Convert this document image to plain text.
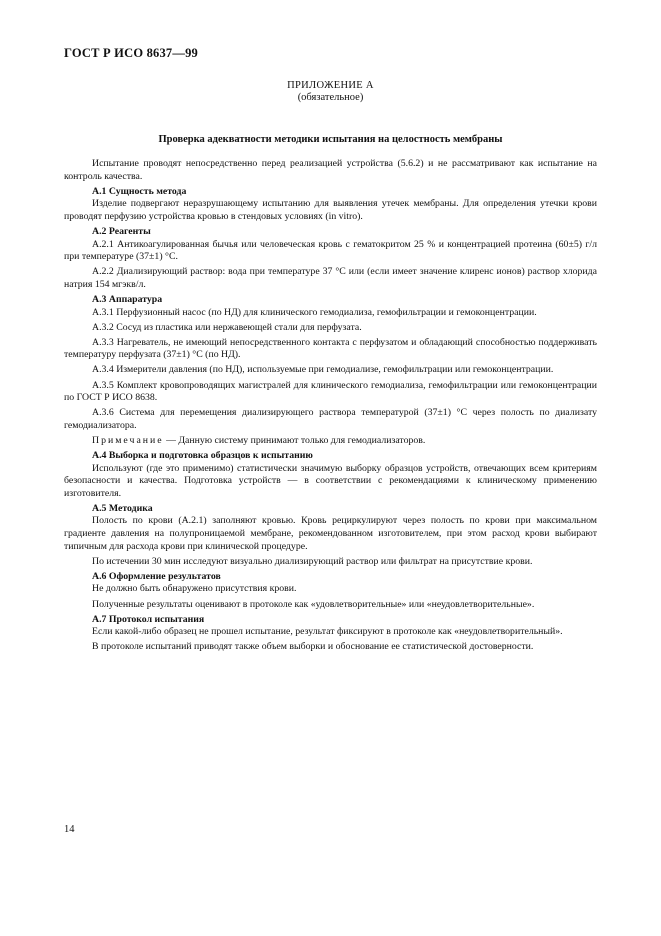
ГОСТ Р ИСО 8637—99
ПРИЛОЖЕНИЕ А
(обязательное)
Проверка адекватности методики испытания на целостность мембраны

Испытание проводят непосредственно перед реализацией устройства (5.6.2) и не рассматривают как испытание на контроль качества.

А.1 Сущность метода

Изделие подвергают неразрушающему испытанию для выявления утечек мембраны. Для определения утечки крови проводят перфузию устройства кровью в стендовых условиях (in vitro).

А.2 Реагенты

А.2.1 Антикоагулированная бычья или человеческая кровь с гематокритом 25 % и концентрацией протеина (60±5) г/л при температуре (37±1) °С.

А.2.2 Диализирующий раствор: вода при температуре 37 °С или (если имеет значение клиренс ионов) раствор хлорида натрия 154 мгэкв/л.

А.3 Аппаратура

А.3.1 Перфузионный насос (по НД) для клинического гемодиализа, гемофильтрации и гемоконцентрации.

А.3.2 Сосуд из пластика или нержавеющей стали для перфузата.

А.3.3 Нагреватель, не имеющий непосредственного контакта с перфузатом и обладающий способностью поддерживать температуру перфузата (37±1) °С (по НД).

А.3.4 Измерители давления (по НД), используемые при гемодиализе, гемофильтрации или гемоконцентрации.

А.3.5 Комплект кровопроводящих магистралей для клинического гемодиализа, гемофильтрации или гемоконцентрации по ГОСТ Р ИСО 8638.

А.3.6 Система для перемещения диализирующего раствора температурой (37±1) °С через полость по диализату гемодиализатора.

Примечание — Данную систему принимают только для гемодиализаторов.

А.4 Выборка и подготовка образцов к испытанию

Используют (где это применимо) статистически значимую выборку образцов устройств, отвечающих всем критериям безопасности и качества. Подготовка устройств — в соответствии с рекомендациями к клиническому применению изготовителя.

А.5 Методика

Полость по крови (А.2.1) заполняют кровью. Кровь рециркулируют через полость по крови при максимальном градиенте давления на полупроницаемой мембране, рекомендованном изготовителем, при этом расход крови выбирают типичным для расхода крови при клинической процедуре.

По истечении 30 мин исследуют визуально диализирующий раствор или фильтрат на присутствие крови.

А.6 Оформление результатов

Не должно быть обнаружено присутствия крови.

Полученные результаты оценивают в протоколе как «удовлетворительные» или «неудовлетворительные».

А.7 Протокол испытания

Если какой-либо образец не прошел испытание, результат фиксируют в протоколе как «неудовлетворительный».

В протоколе испытаний приводят также объем выборки и обоснование ее статистической достоверности.

14
